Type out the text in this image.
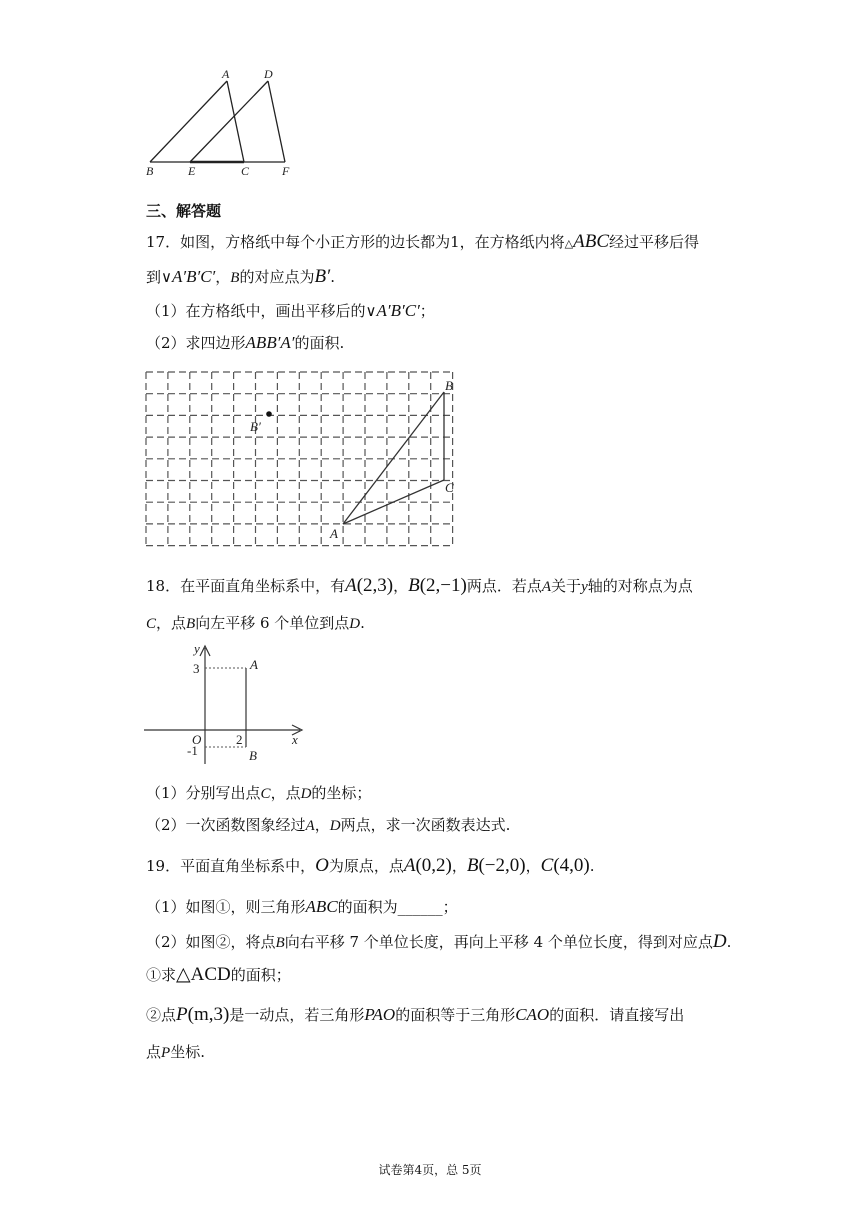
A	D
B	E	C	F
三、解答题
17．如图，方格纸中每个小正方形的边长都为1，在方格纸内将△ABC经过平移后得
到∨A′B′C′，B的对应点为B′.
（1）在方格纸中，画出平移后的∨A′B′C′；
（2）求四边形ABB′A′的面积.
B
B′
C
A
18．在平面直角坐标系中，有A(2,3)，B(2,−1)两点．若点A关于y轴的对称点为点
C，点B向左平移 6 个单位到点D.
y
x
O
3
2
-1
A
B
（1）分别写出点C，点D的坐标；
（2）一次函数图象经过A，D两点，求一次函数表达式.
19．平面直角坐标系中，O为原点，点A(0,2)，B(−2,0)，C(4,0).
（1）如图①，则三角形ABC的面积为______；
（2）如图②，将点B向右平移 7 个单位长度，再向上平移 4 个单位长度，得到对应点D.
①求△ACD的面积；
②点P(m,3)是一动点，若三角形PAO的面积等于三角形CAO的面积．请直接写出
点P坐标.
试卷第4页，总 5页
